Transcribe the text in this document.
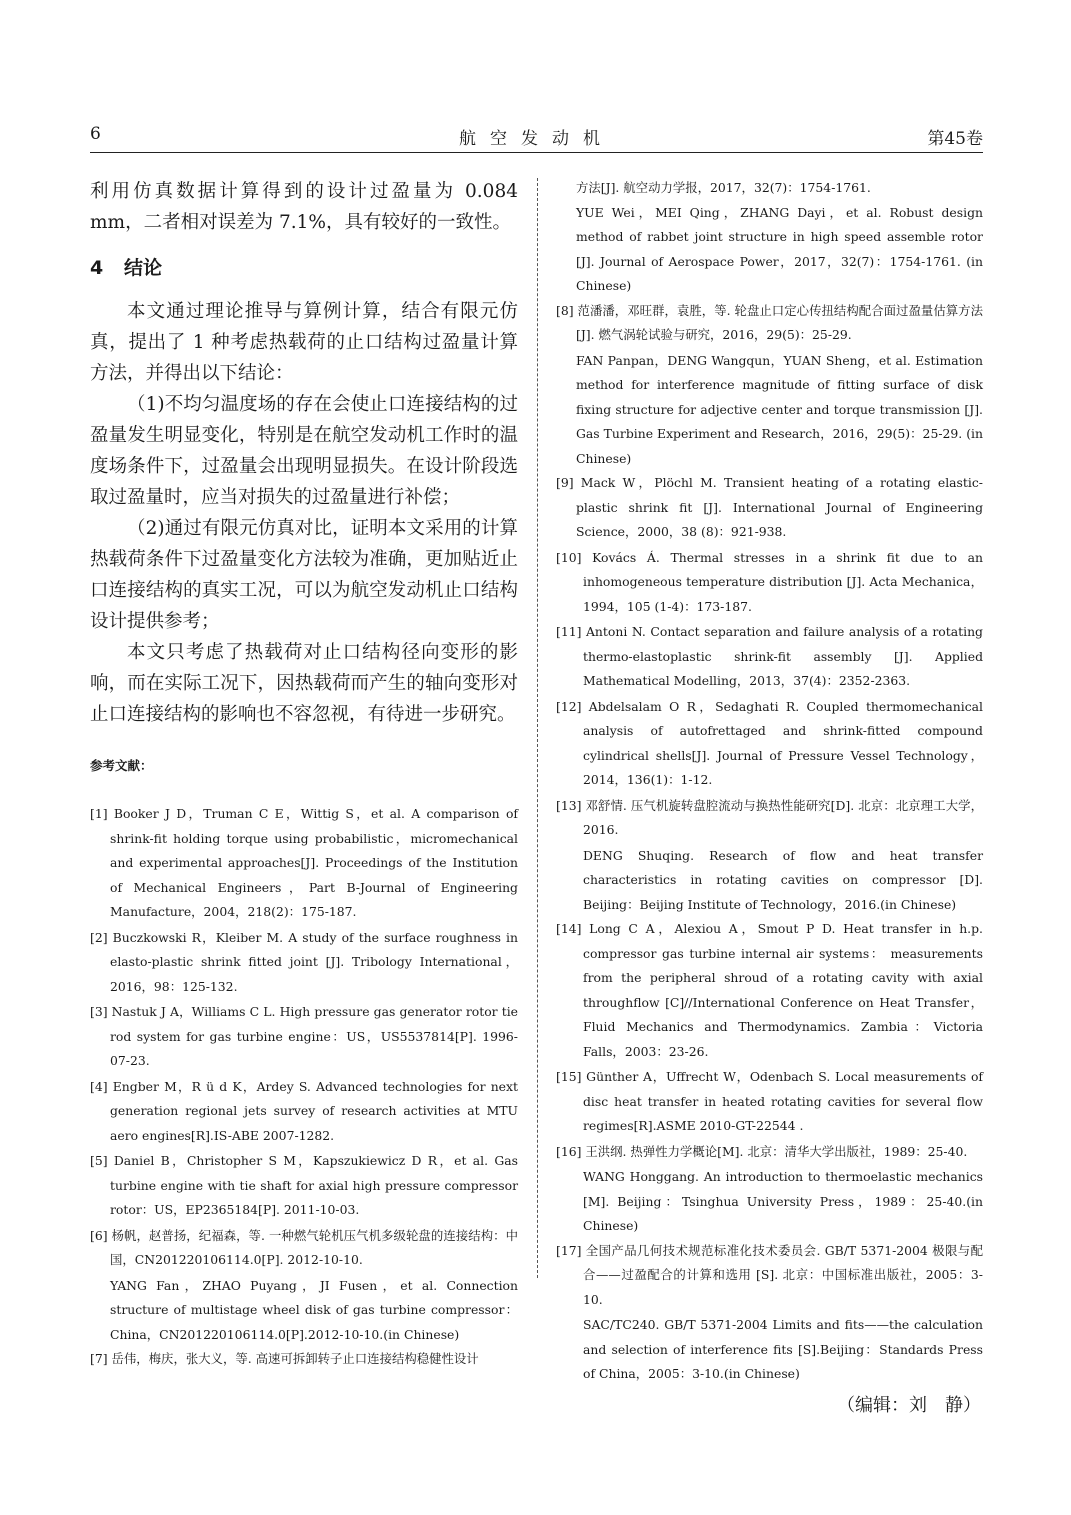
6	航空发动机	第45卷

利用仿真数据计算得到的设计过盈量为 0.084 mm，二者相对误差为 7.1%，具有较好的一致性。

4 结论

本文通过理论推导与算例计算，结合有限元仿真，提出了 1 种考虑热载荷的止口结构过盈量计算方法，并得出以下结论：

（1)不均匀温度场的存在会使止口连接结构的过盈量发生明显变化，特别是在航空发动机工作时的温度场条件下，过盈量会出现明显损失。在设计阶段选取过盈量时，应当对损失的过盈量进行补偿；

（2)通过有限元仿真对比，证明本文采用的计算热载荷条件下过盈量变化方法较为准确，更加贴近止口连接结构的真实工况，可以为航空发动机止口结构设计提供参考；

本文只考虑了热载荷对止口结构径向变形的影响，而在实际工况下，因热载荷而产生的轴向变形对止口连接结构的影响也不容忽视，有待进一步研究。

参考文献：

[1] Booker J D，Truman C E，Wittig S，et al. A comparison of shrink-fit holding torque using probabilistic，micromechanical and experimental approaches[J]. Proceedings of the Institution of Mechanical Engineers，Part B-Journal of Engineering Manufacture，2004，218(2)：175-187.

[2] Buczkowski R，Kleiber M. A study of the surface roughness in elasto-plastic shrink fitted joint [J]. Tribology International，2016，98：125-132.

[3] Nastuk J A，Williams C L. High pressure gas generator rotor tie rod system for gas turbine engine：US，US5537814[P]. 1996-07-23.

[4] Engber M，R ü d K，Ardey S. Advanced technologies for next generation regional jets survey of research activities at MTU aero engines[R].IS-ABE 2007-1282.

[5] Daniel B，Christopher S M，Kapszukiewicz D R，et al. Gas turbine engine with tie shaft for axial high pressure compressor rotor：US，EP2365184[P]. 2011-10-03.

[6] 杨帆，赵普扬，纪福森，等. 一种燃气轮机压气机多级轮盘的连接结构：中国，CN201220106114.0[P]. 2012-10-10.

YANG Fan，ZHAO Puyang，JI Fusen，et al. Connection structure of multistage wheel disk of gas turbine compressor：China，CN201220106114.0[P].2012-10-10.(in Chinese)

[7] 岳伟，梅庆，张大义，等. 高速可拆卸转子止口连接结构稳健性设计

方法[J]. 航空动力学报，2017，32(7)：1754-1761.

YUE Wei，MEI Qing，ZHANG Dayi，et al. Robust design method of rabbet joint structure in high speed assemble rotor [J]. Journal of Aerospace Power，2017，32(7)：1754-1761. (in Chinese)

[8] 范潘潘，邓旺群，袁胜，等. 轮盘止口定心传扭结构配合面过盈量估算方法[J]. 燃气涡轮试验与研究，2016，29(5)：25-29.

FAN Panpan，DENG Wangqun，YUAN Sheng，et al. Estimation method for interference magnitude of fitting surface of disk fixing structure for adjective center and torque transmission [J]. Gas Turbine Experiment and Research，2016，29(5)：25-29. (in Chinese)

[9] Mack W，Plöchl M. Transient heating of a rotating elastic-plastic shrink fit [J]. International Journal of Engineering Science，2000，38 (8)：921-938.

[10] Kovács Á. Thermal stresses in a shrink fit due to an inhomogeneous temperature distribution [J]. Acta Mechanica，1994，105 (1-4)：173-187.

[11] Antoni N. Contact separation and failure analysis of a rotating thermo-elastoplastic shrink-fit assembly [J]. Applied Mathematical Modelling，2013，37(4)：2352-2363.

[12] Abdelsalam O R，Sedaghati R. Coupled thermomechanical analysis of autofrettaged and shrink-fitted compound cylindrical shells[J]. Journal of Pressure Vessel Technology，2014，136(1)：1-12.

[13] 邓舒情. 压气机旋转盘腔流动与换热性能研究[D]. 北京：北京理工大学，2016.

DENG Shuqing. Research of flow and heat transfer characteristics in rotating cavities on compressor [D]. Beijing：Beijing Institute of Technology，2016.(in Chinese)

[14] Long C A，Alexiou A，Smout P D. Heat transfer in h.p. compressor gas turbine internal air systems： measurements from the peripheral shroud of a rotating cavity with axial throughflow [C]//International Conference on Heat Transfer，Fluid Mechanics and Thermodynamics. Zambia：Victoria Falls，2003：23-26.

[15] Günther A，Uffrecht W，Odenbach S. Local measurements of disc heat transfer in heated rotating cavities for several flow regimes[R].ASME 2010-GT-22544 .

[16] 王洪纲. 热弹性力学概论[M]. 北京：清华大学出版社，1989：25-40.

WANG Honggang. An introduction to thermoelastic mechanics [M]. Beijing：Tsinghua University Press，1989：25-40.(in Chinese)

[17] 全国产品几何技术规范标准化技术委员会. GB/T 5371-2004 极限与配合——过盈配合的计算和选用 [S]. 北京：中国标准出版社，2005：3-10.

SAC/TC240. GB/T 5371-2004 Limits and fits——the calculation and selection of interference fits [S].Beijing：Standards Press of China，2005：3-10.(in Chinese)

（编辑：刘　静）
